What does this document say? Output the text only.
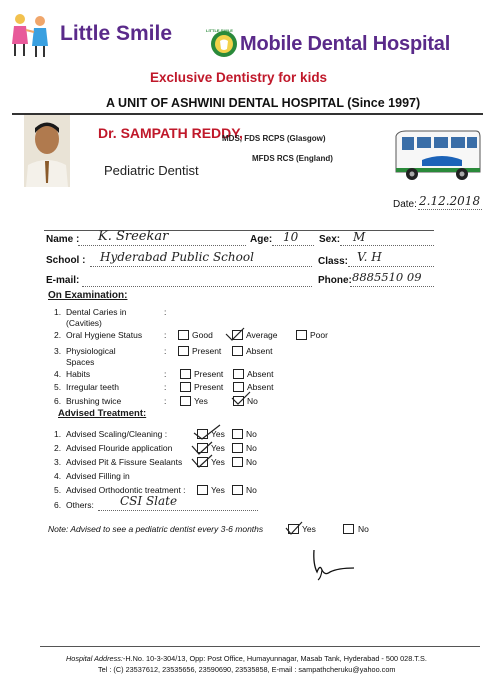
Little Smile	LITTLE SMILE
Mobile Dental Hospital
Exclusive Dentistry for kids
A UNIT OF ASHWINI DENTAL HOSPITAL (Since 1997)
Dr. SAMPATH REDDY,
MDS, FDS RCPS (Glasgow)
MFDS RCS (England)
Pediatric Dentist
Date: 2.12.2018
Name : K. Sreekar	Age: 10 Sex: M
School : Hyderabad Public School	Class: V. H
E-mail:	Phone: 8885510 09
On Examination:
1. Dental Caries in
(Cavities)
:
2. Oral Hygiene Status	:	Good	Average	Poor
3. Physiological
Spaces
:	Present	Absent
4. Habits	:	Present	Absent
5. Irregular teeth	:	Present	Absent
6. Brushing twice	:	Yes	No
Advised Treatment:
1. Advised Scaling/Cleaning :	Yes No
2. Advised Flouride application	Yes No
3. Advised Pit & Fissure Sealants	Yes No
4. Advised Filling in
5. Advised Orthodontic treatment :	Yes No
6. Others: CSI Slate
Note: Advised to see a pediatric dentist every 3-6 months	Yes	No
Hospital Address:-H.No. 10-3-304/13, Opp: Post Office, Humayunnagar, Masab Tank, Hyderabad - 500 028.T.S.
Tel : (C) 23537612, 23535656, 23590690, 23535858, E-mail : sampathcheruku@yahoo.com
